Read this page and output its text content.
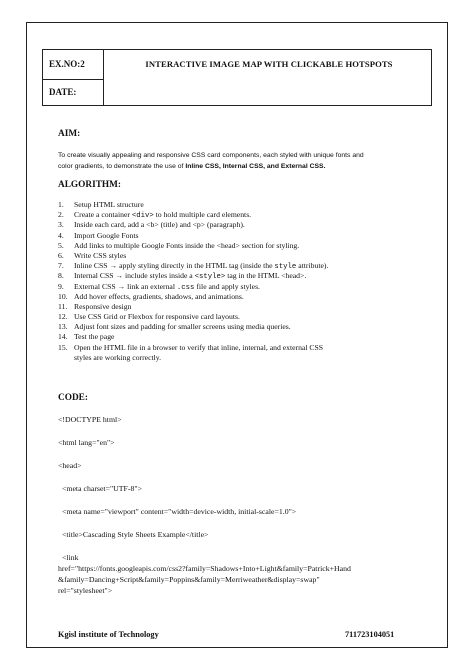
EX.NO:2
DATE:
INTERACTIVE IMAGE MAP WITH CLICKABLE HOTSPOTS
AIM:
To create visually appealing and responsive CSS card components, each styled with unique fonts and
color gradients, to demonstrate the use of Inline CSS, Internal CSS, and External CSS.
ALGORITHM:
1. Setup HTML structure
2. Create a container <div> to hold multiple card elements.
3. Inside each card, add a <b> (title) and <p> (paragraph).
4. Import Google Fonts
5. Add links to multiple Google Fonts inside the <head> section for styling.
6. Write CSS styles
7. Inline CSS → apply styling directly in the HTML tag (inside the style attribute).
8. Internal CSS → include styles inside a <style> tag in the HTML <head>.
9. External CSS → link an external .css file and apply styles.
10. Add hover effects, gradients, shadows, and animations.
11. Responsive design
12. Use CSS Grid or Flexbox for responsive card layouts.
13. Adjust font sizes and padding for smaller screens using media queries.
14. Test the page
15. Open the HTML file in a browser to verify that inline, internal, and external CSS
styles are working correctly.
CODE:
<!DOCTYPE html>
<html lang="en">
<head>
<meta charset="UTF-8">
<meta name="viewport" content="width=device-width, initial-scale=1.0">
<title>Cascading Style Sheets Example</title>
<link
href="https://fonts.googleapis.com/css2?family=Shadows+Into+Light&family=Patrick+Hand
&family=Dancing+Script&family=Poppins&family=Merriweather&display=swap"
rel="stylesheet">
Kgisl institute of Technology	711723104051
